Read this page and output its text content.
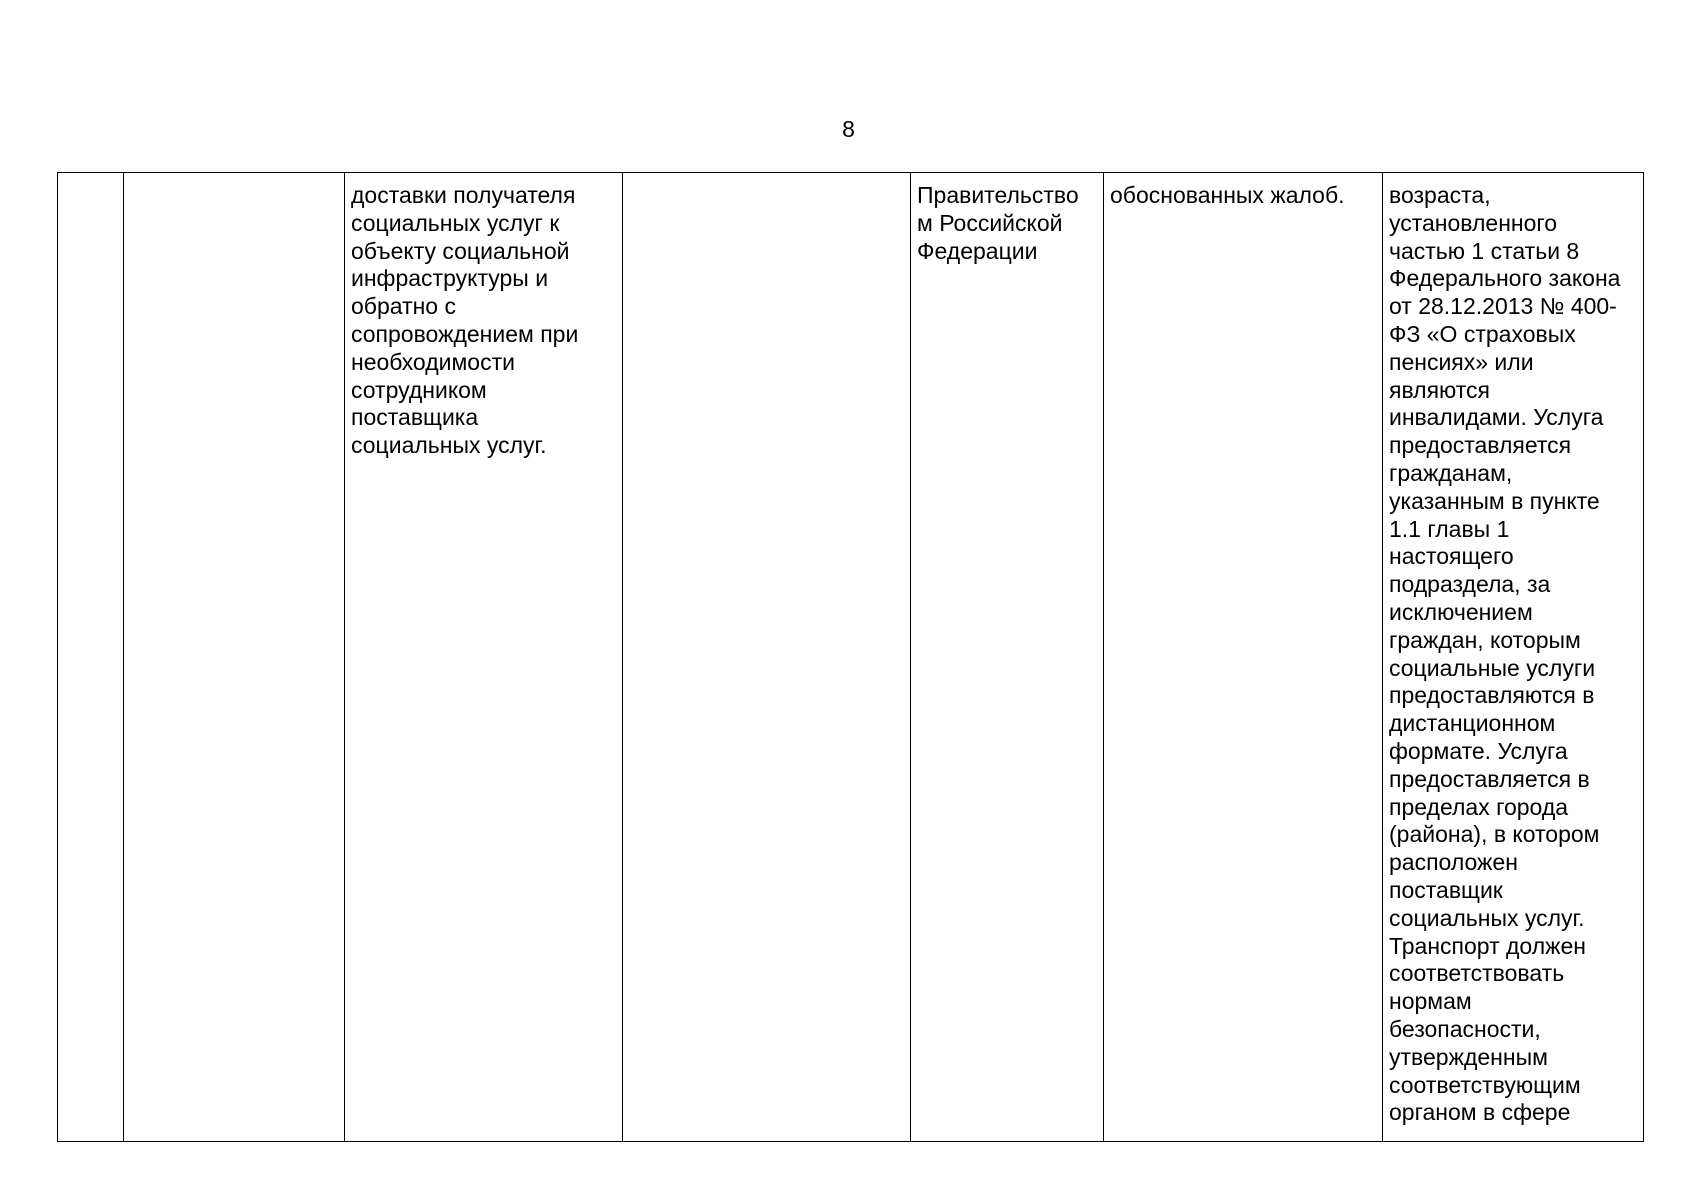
8
		доставки получателя
социальных услуг к
объекту социальной
инфраструктуры и
обратно с
сопровождением при
необходимости
сотрудником
поставщика
социальных услуг.		Правительство
м Российской
Федерации	обоснованных жалоб.	возраста,
установленного
частью 1 статьи 8
Федерального закона
от 28.12.2013 № 400-
ФЗ «О страховых
пенсиях» или
являются
инвалидами. Услуга
предоставляется
гражданам,
указанным в пункте
1.1 главы 1
настоящего
подраздела, за
исключением
граждан, которым
социальные услуги
предоставляются в
дистанционном
формате. Услуга
предоставляется в
пределах города
(района), в котором
расположен
поставщик
социальных услуг.
Транспорт должен
соответствовать
нормам
безопасности,
утвержденным
соответствующим
органом в сфере
